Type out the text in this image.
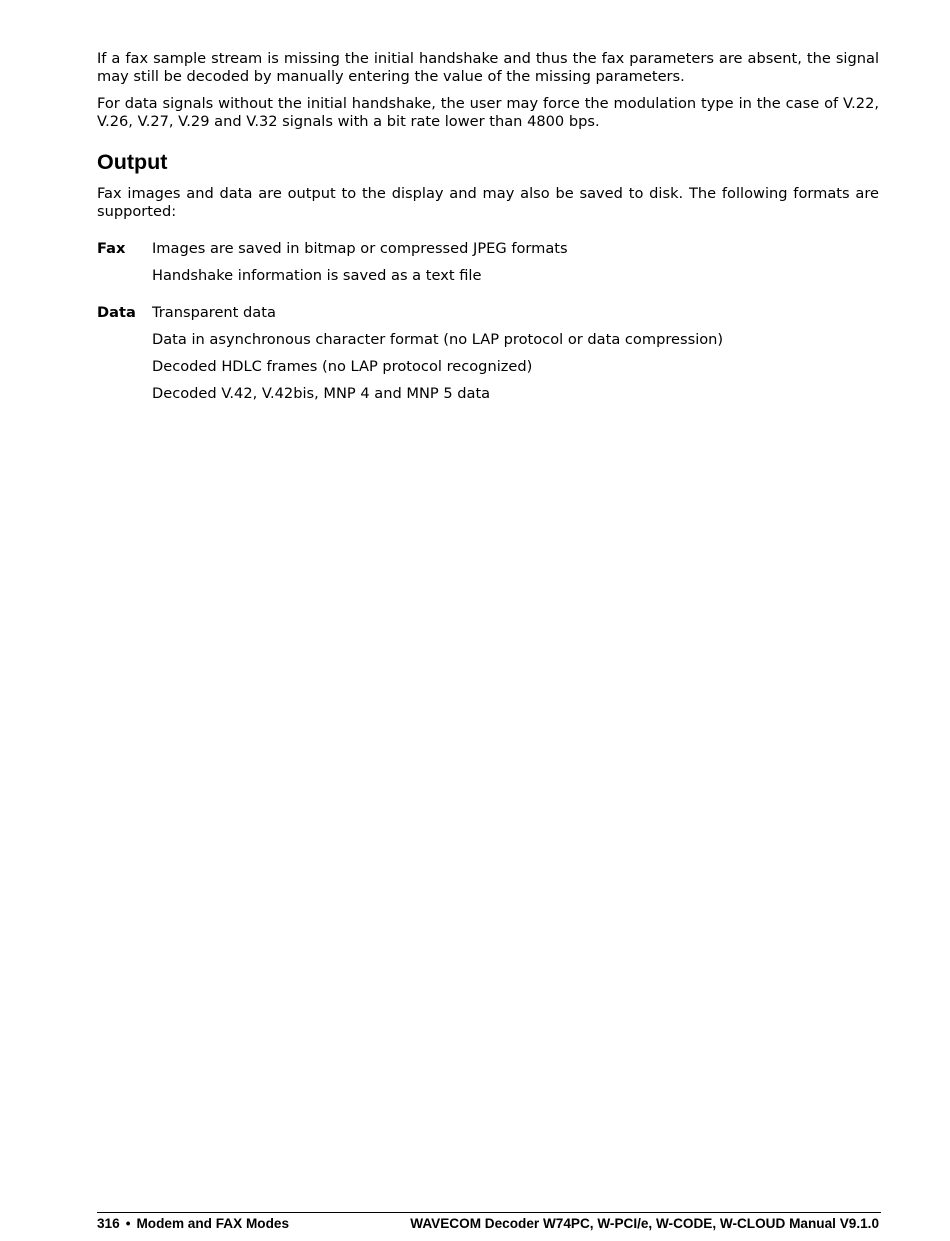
If a fax sample stream is missing the initial handshake and thus the fax parameters are absent, the signal may still be decoded by manually entering the value of the missing parameters.

For data signals without the initial handshake, the user may force the modulation type in the case of V.22, V.26, V.27, V.29 and V.32 signals with a bit rate lower than 4800 bps.

Output

Fax images and data are output to the display and may also be saved to disk. The following formats are supported:

Fax Images are saved in bitmap or compressed JPEG formats
Handshake information is saved as a text file
Data Transparent data
Data in asynchronous character format (no LAP protocol or data compression)
Decoded HDLC frames (no LAP protocol recognized)
Decoded V.42, V.42bis, MNP 4 and MNP 5 data
316 • Modem and FAX Modes	WAVECOM Decoder W74PC, W-PCI/e, W-CODE, W-CLOUD Manual V9.1.0
